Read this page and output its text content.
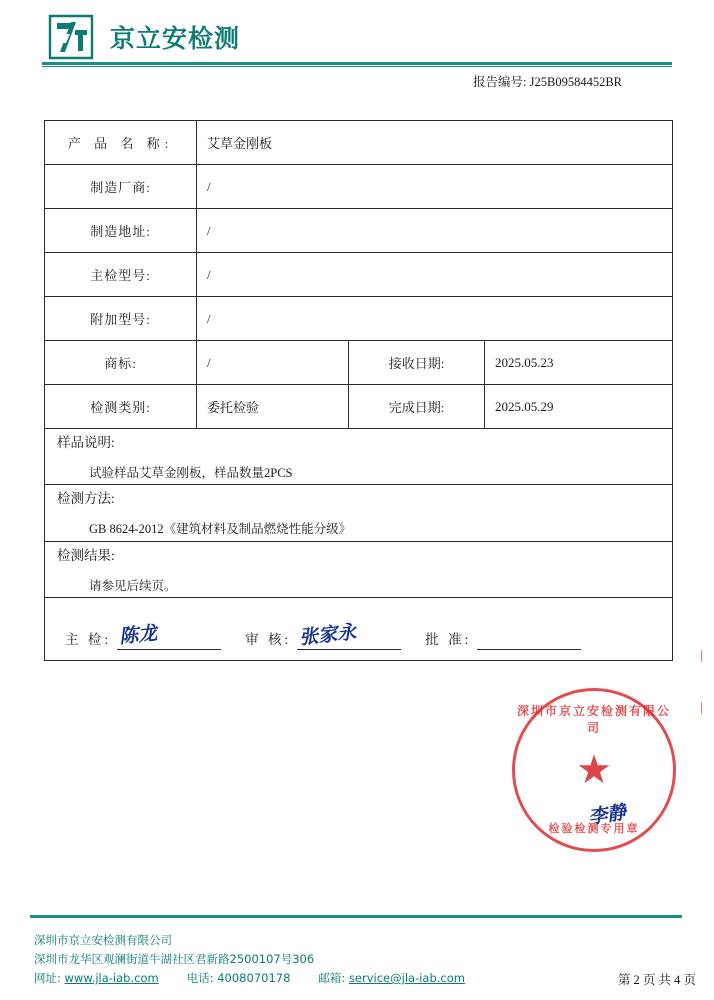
京立安检测
报告编号: J25B09584452BR
产 品 名 称:	艾草金刚板		
制造厂商:	/		
制造地址:	/		
主检型号:	/		
附加型号:	/		
商标:	/	接收日期:	2025.05.23
检测类别:	委托检验	完成日期:	2025.05.29

样品说明:
试验样品艾草金刚板，样品数量2PCS			

检测方法:
GB 8624-2012《建筑材料及制品燃烧性能分级》			

检测结果:
请参见后续页。			

主 检: 陈龙 审 核: 张家永 批 准:			
深圳市京立安检测有限公司
★
检验检测专用章
李静
|
|
深圳市京立安检测有限公司
深圳市龙华区观澜街道牛湖社区君新路2500107号306
网址: www.jla-iab.com 电话: 4008070178 邮箱: service@jla-iab.com	第 2 页 共 4 页
